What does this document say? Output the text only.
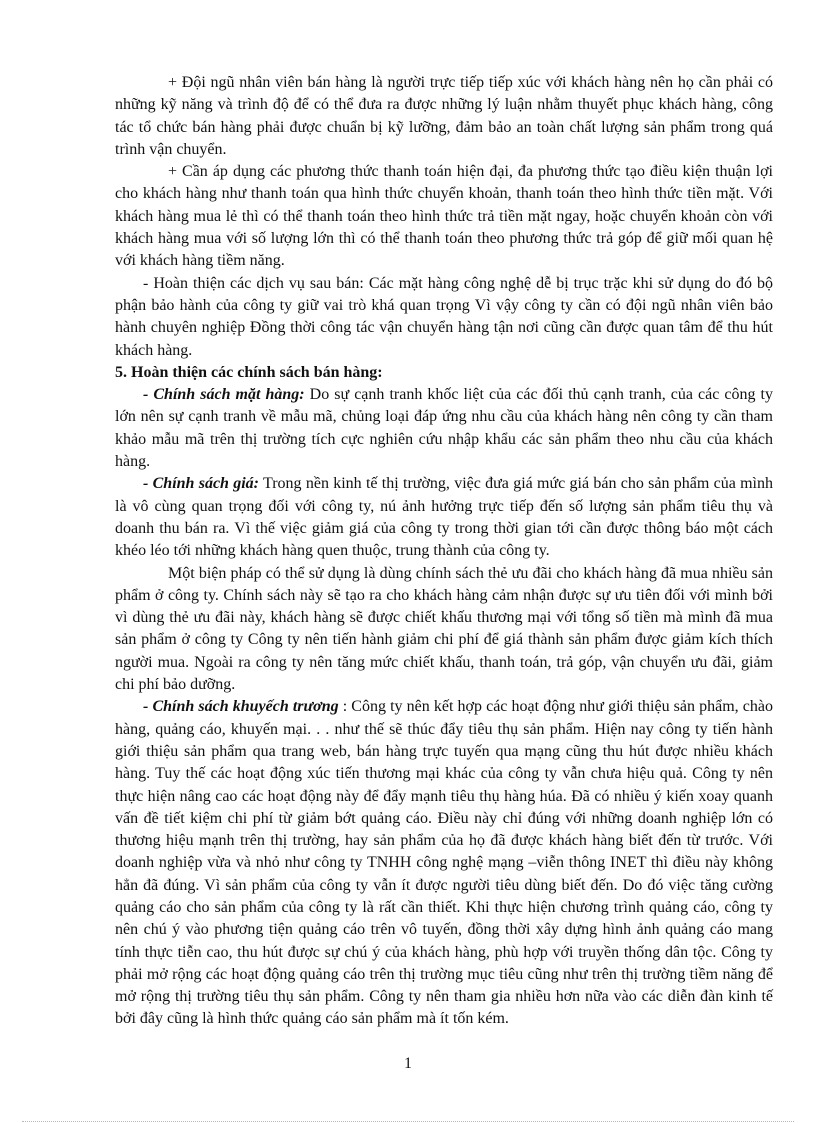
+ Đội ngũ nhân viên bán hàng là người trực tiếp tiếp xúc với khách hàng nên họ cần phải có những kỹ năng và trình độ để có thể đưa ra được những lý luận nhằm thuyết phục khách hàng, công tác tổ chức bán hàng phải được chuẩn bị kỹ lưỡng, đảm bảo an toàn chất lượng sản phẩm trong quá trình vận chuyển.

+ Cần áp dụng các phương thức thanh toán hiện đại, đa phương thức tạo điều kiện thuận lợi cho khách hàng như thanh toán qua hình thức chuyển khoản, thanh toán theo hình thức tiền mặt. Với khách hàng mua lẻ thì có thể thanh toán theo hình thức trả tiền mặt ngay, hoặc chuyển khoản còn với khách hàng mua với số lượng lớn thì có thể thanh toán theo phương thức trả góp để giữ mối quan hệ với khách hàng tiềm năng.

- Hoàn thiện các dịch vụ sau bán: Các mặt hàng công nghệ dễ bị trục trặc khi sử dụng do đó bộ phận bảo hành của công ty giữ vai trò khá quan trọng Vì vậy công ty cần có đội ngũ nhân viên bảo hành chuyên nghiệp Đồng thời công tác vận chuyển hàng tận nơi cũng cần được quan tâm để thu hút khách hàng.

5. Hoàn thiện các chính sách bán hàng:

- Chính sách mặt hàng: Do sự cạnh tranh khốc liệt của các đối thủ cạnh tranh, của các công ty lớn nên sự cạnh tranh về mẫu mã, chủng loại đáp ứng nhu cầu của khách hàng nên công ty cần tham khảo mẫu mã trên thị trường tích cực nghiên cứu nhập khẩu các sản phẩm theo nhu cầu của khách hàng.

- Chính sách giá: Trong nền kinh tế thị trường, việc đưa giá mức giá bán cho sản phẩm của mình là vô cùng quan trọng đối với công ty, nú ảnh hưởng trực tiếp đến số lượng sản phẩm tiêu thụ và doanh thu bán ra. Vì thế việc giảm giá của công ty trong thời gian tới cần được thông báo một cách khéo léo tới những khách hàng quen thuộc, trung thành của công ty.

Một biện pháp có thể sử dụng là dùng chính sách thẻ ưu đãi cho khách hàng đã mua nhiều sản phẩm ở công ty. Chính sách này sẽ tạo ra cho khách hàng cảm nhận được sự ưu tiên đối với mình bởi vì dùng thẻ ưu đãi này, khách hàng sẽ được chiết khấu thương mại với tổng số tiền mà mình đã mua sản phẩm ở công ty Công ty nên tiến hành giảm chi phí để giá thành sản phẩm được giảm kích thích người mua. Ngoài ra công ty nên tăng mức chiết khấu, thanh toán, trả góp, vận chuyển ưu đãi, giảm chi phí bảo dưỡng.

- Chính sách khuyếch trương : Công ty nên kết hợp các hoạt động như giới thiệu sản phẩm, chào hàng, quảng cáo, khuyến mại. . . như thế sẽ thúc đẩy tiêu thụ sản phẩm. Hiện nay công ty tiến hành giới thiệu sản phẩm qua trang web, bán hàng trực tuyến qua mạng cũng thu hút được nhiều khách hàng. Tuy thế các hoạt động xúc tiến thương mại khác của công ty vẫn chưa hiệu quả. Công ty nên thực hiện nâng cao các hoạt động này để đẩy mạnh tiêu thụ hàng húa. Đã có nhiều ý kiến xoay quanh vấn đề tiết kiệm chi phí từ giảm bớt quảng cáo. Điều này chỉ đúng với những doanh nghiệp lớn có thương hiệu mạnh trên thị trường, hay sản phẩm của họ đã được khách hàng biết đến từ trước. Với doanh nghiệp vừa và nhỏ như công ty TNHH công nghệ mạng –viễn thông INET thì điều này không hẳn đã đúng. Vì sản phẩm của công ty vẫn ít được người tiêu dùng biết đến. Do đó việc tăng cường quảng cáo cho sản phẩm của công ty là rất cần thiết. Khi thực hiện chương trình quảng cáo, công ty nên chú ý vào phương tiện quảng cáo trên vô tuyến, đồng thời xây dựng hình ảnh quảng cáo mang tính thực tiễn cao, thu hút được sự chú ý của khách hàng, phù hợp với truyền thống dân tộc. Công ty phải mở rộng các hoạt động quảng cáo trên thị trường mục tiêu cũng như trên thị trường tiềm năng để mở rộng thị trường tiêu thụ sản phẩm. Công ty nên tham gia nhiều hơn nữa vào các diễn đàn kinh tế bởi đây cũng là hình thức quảng cáo sản phẩm mà ít tốn kém.

1
